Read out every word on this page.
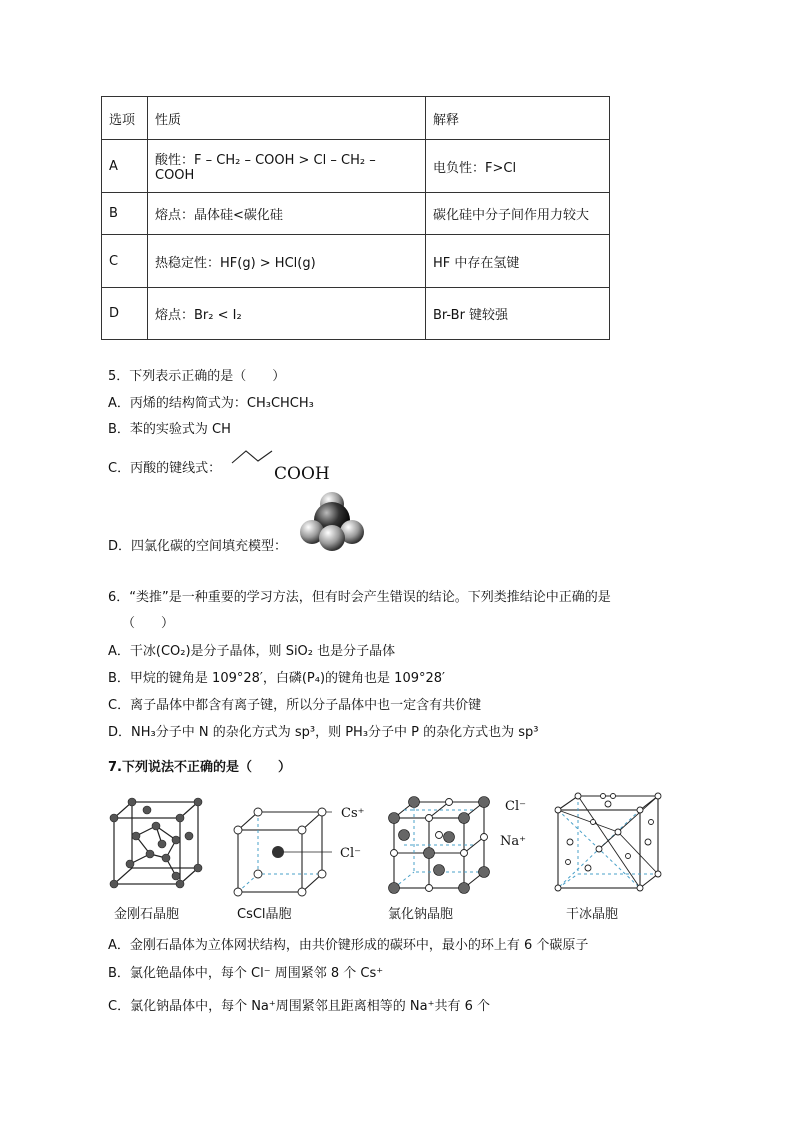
选项	性质	解释
A	酸性：F – CH₂ – COOH > Cl – CH₂ – COOH	电负性：F>Cl
B	熔点：晶体硅<碳化硅	碳化硅中分子间作用力较大
C	热稳定性：HF(g) > HCl(g)	HF 中存在氢键
D	熔点：Br₂ < I₂	Br-Br 键较强
5．下列表示正确的是（　　）
A．丙烯的结构简式为：CH₃CHCH₃
B．苯的实验式为 CH
C．丙酸的键线式：	COOH
D．四氯化碳的空间填充模型：
6．“类推”是一种重要的学习方法，但有时会产生错误的结论。下列类推结论中正确的是
（　　）
A．干冰(CO₂)是分子晶体，则 SiO₂ 也是分子晶体
B．甲烷的键角是 109°28′，白磷(P₄)的键角也是 109°28′
C．离子晶体中都含有离子键，所以分子晶体中也一定含有共价键
D．NH₃分子中 N 的杂化方式为 sp³，则 PH₃分子中 P 的杂化方式也为 sp³
7.下列说法不正确的是（　　）
金刚石晶胞
Cs⁺
Cl⁻
CsCl晶胞
Cl⁻
Na⁺
氯化钠晶胞	干冰晶胞
A．金刚石晶体为立体网状结构，由共价键形成的碳环中，最小的环上有 6 个碳原子
B．氯化铯晶体中，每个 Cl⁻ 周围紧邻 8 个 Cs⁺
C．氯化钠晶体中，每个 Na⁺周围紧邻且距离相等的 Na⁺共有 6 个
